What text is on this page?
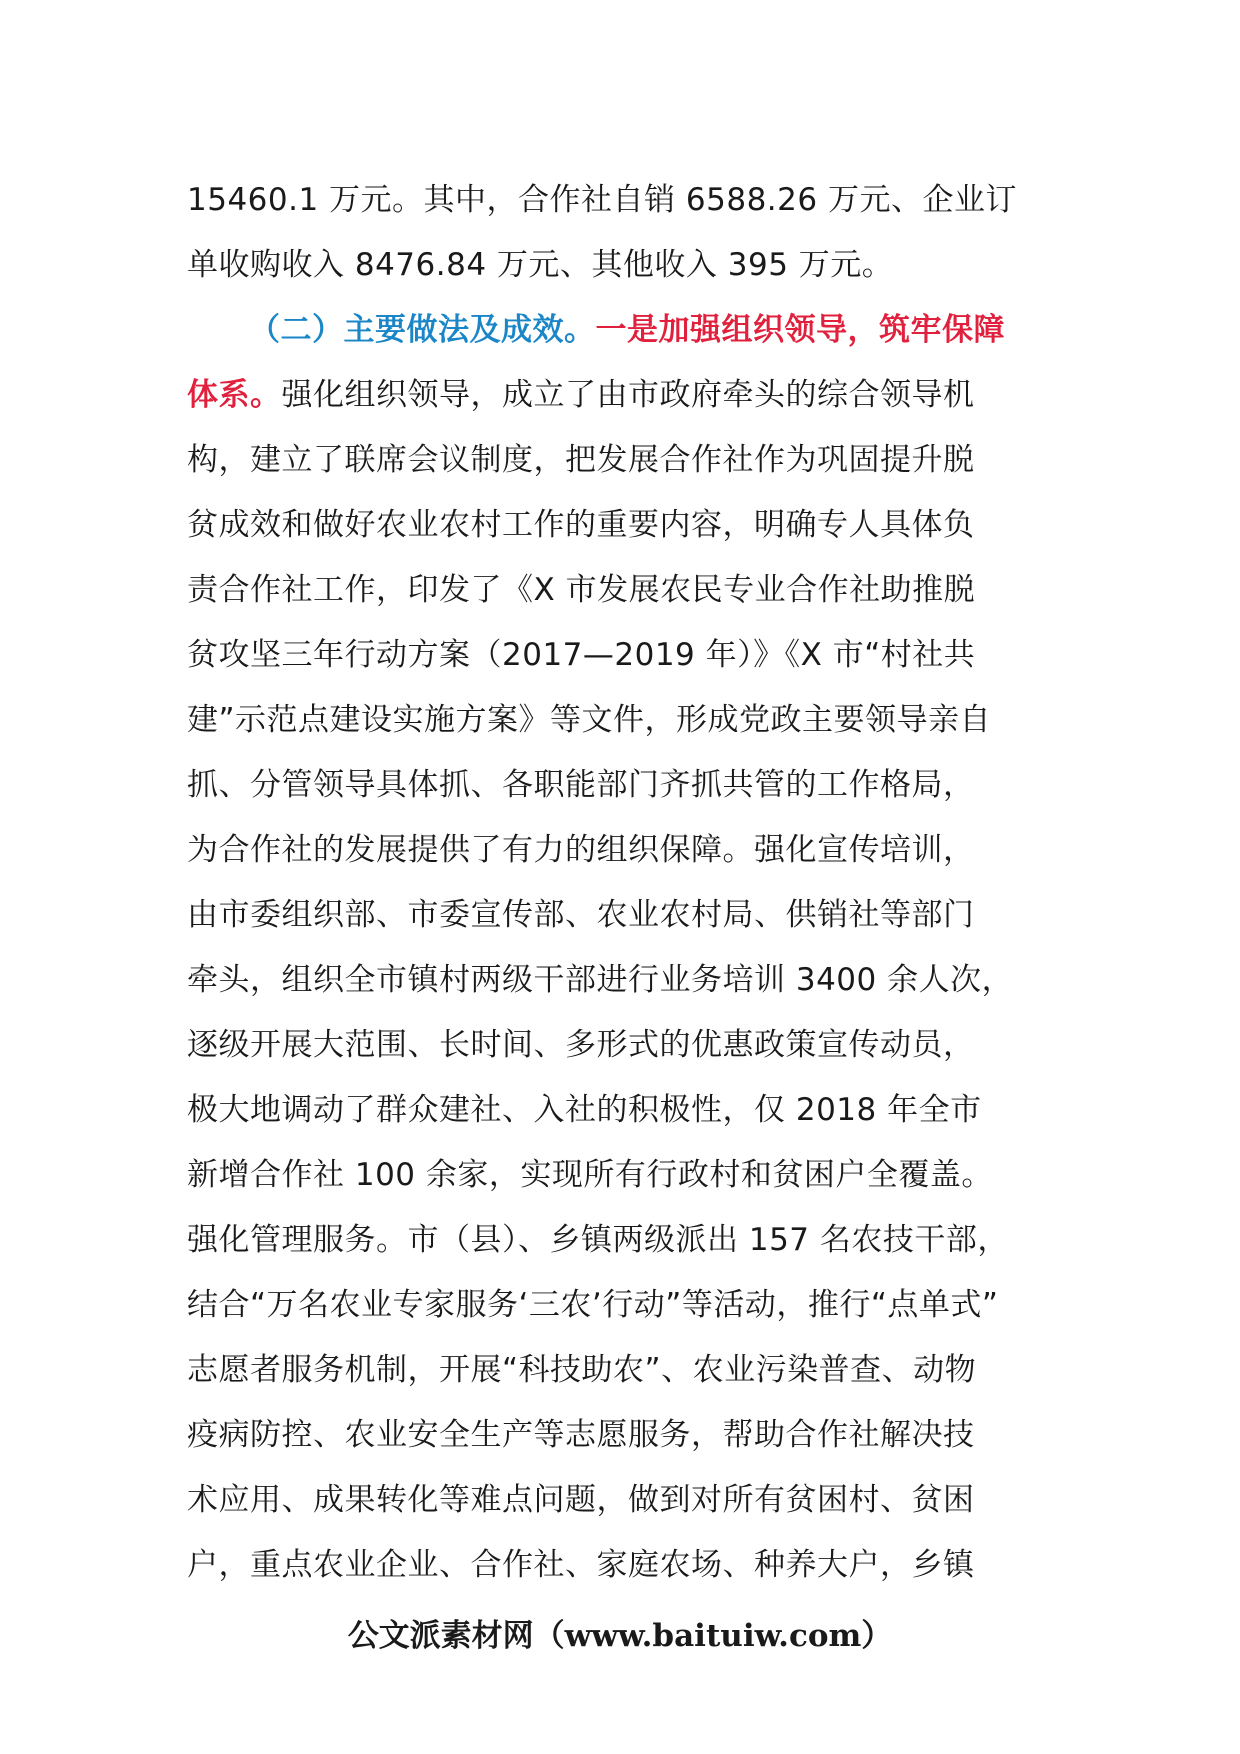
15460.1 万元。其中，合作社自销 6588.26 万元、企业订
单收购收入 8476.84 万元、其他收入 395 万元。
（二）主要做法及成效。一是加强组织领导，筑牢保障
体系。强化组织领导，成立了由市政府牵头的综合领导机
构，建立了联席会议制度，把发展合作社作为巩固提升脱
贫成效和做好农业农村工作的重要内容，明确专人具体负
责合作社工作，印发了《X 市发展农民专业合作社助推脱
贫攻坚三年行动方案（2017—2019 年）》《X 市“村社共
建”示范点建设实施方案》等文件，形成党政主要领导亲自
抓、分管领导具体抓、各职能部门齐抓共管的工作格局，
为合作社的发展提供了有力的组织保障。强化宣传培训，
由市委组织部、市委宣传部、农业农村局、供销社等部门
牵头，组织全市镇村两级干部进行业务培训 3400 余人次，
逐级开展大范围、长时间、多形式的优惠政策宣传动员，
极大地调动了群众建社、入社的积极性，仅 2018 年全市
新增合作社 100 余家，实现所有行政村和贫困户全覆盖。
强化管理服务。市（县）、乡镇两级派出 157 名农技干部，
结合“万名农业专家服务‘三农’行动”等活动，推行“点单式”
志愿者服务机制，开展“科技助农”、农业污染普查、动物
疫病防控、农业安全生产等志愿服务，帮助合作社解决技
术应用、成果转化等难点问题，做到对所有贫困村、贫困
户，重点农业企业、合作社、家庭农场、种养大户，乡镇
公文派素材网（www.baituiw.com）
